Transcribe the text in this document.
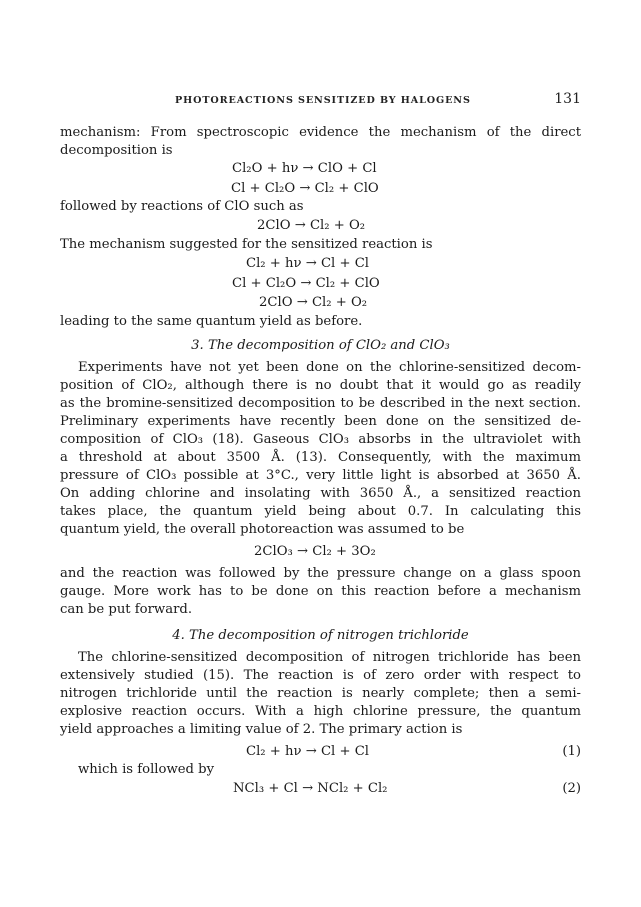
PHOTOREACTIONS SENSITIZED BY HALOGENS	131
mechanism: From spectroscopic evidence the mechanism of the direct
decomposition is
Cl₂O + hν → ClO + Cl
Cl + Cl₂O → Cl₂ + ClO
followed by reactions of ClO such as
2ClO → Cl₂ + O₂
The mechanism suggested for the sensitized reaction is
Cl₂ + hν → Cl + Cl
Cl + Cl₂O → Cl₂ + ClO
2ClO → Cl₂ + O₂
leading to the same quantum yield as before.
3. The decomposition of ClO₂ and ClO₃
Experiments have not yet been done on the chlorine-sensitized decom-
position of ClO₂, although there is no doubt that it would go as readily
as the bromine-sensitized decomposition to be described in the next section.
Preliminary experiments have recently been done on the sensitized de-
composition of ClO₃ (18). Gaseous ClO₃ absorbs in the ultraviolet with
a threshold at about 3500 Å. (13). Consequently, with the maximum
pressure of ClO₃ possible at 3°C., very little light is absorbed at 3650 Å.
On adding chlorine and insolating with 3650 Å., a sensitized reaction
takes place, the quantum yield being about 0.7. In calculating this
quantum yield, the overall photoreaction was assumed to be
2ClO₃ → Cl₂ + 3O₂
and the reaction was followed by the pressure change on a glass spoon
gauge. More work has to be done on this reaction before a mechanism
can be put forward.
4. The decomposition of nitrogen trichloride
The chlorine-sensitized decomposition of nitrogen trichloride has been
extensively studied (15). The reaction is of zero order with respect to
nitrogen trichloride until the reaction is nearly complete; then a semi-
explosive reaction occurs. With a high chlorine pressure, the quantum
yield approaches a limiting value of 2. The primary action is
Cl₂ + hν → Cl + Cl	(1)
which is followed by
NCl₃ + Cl → NCl₂ + Cl₂	(2)
